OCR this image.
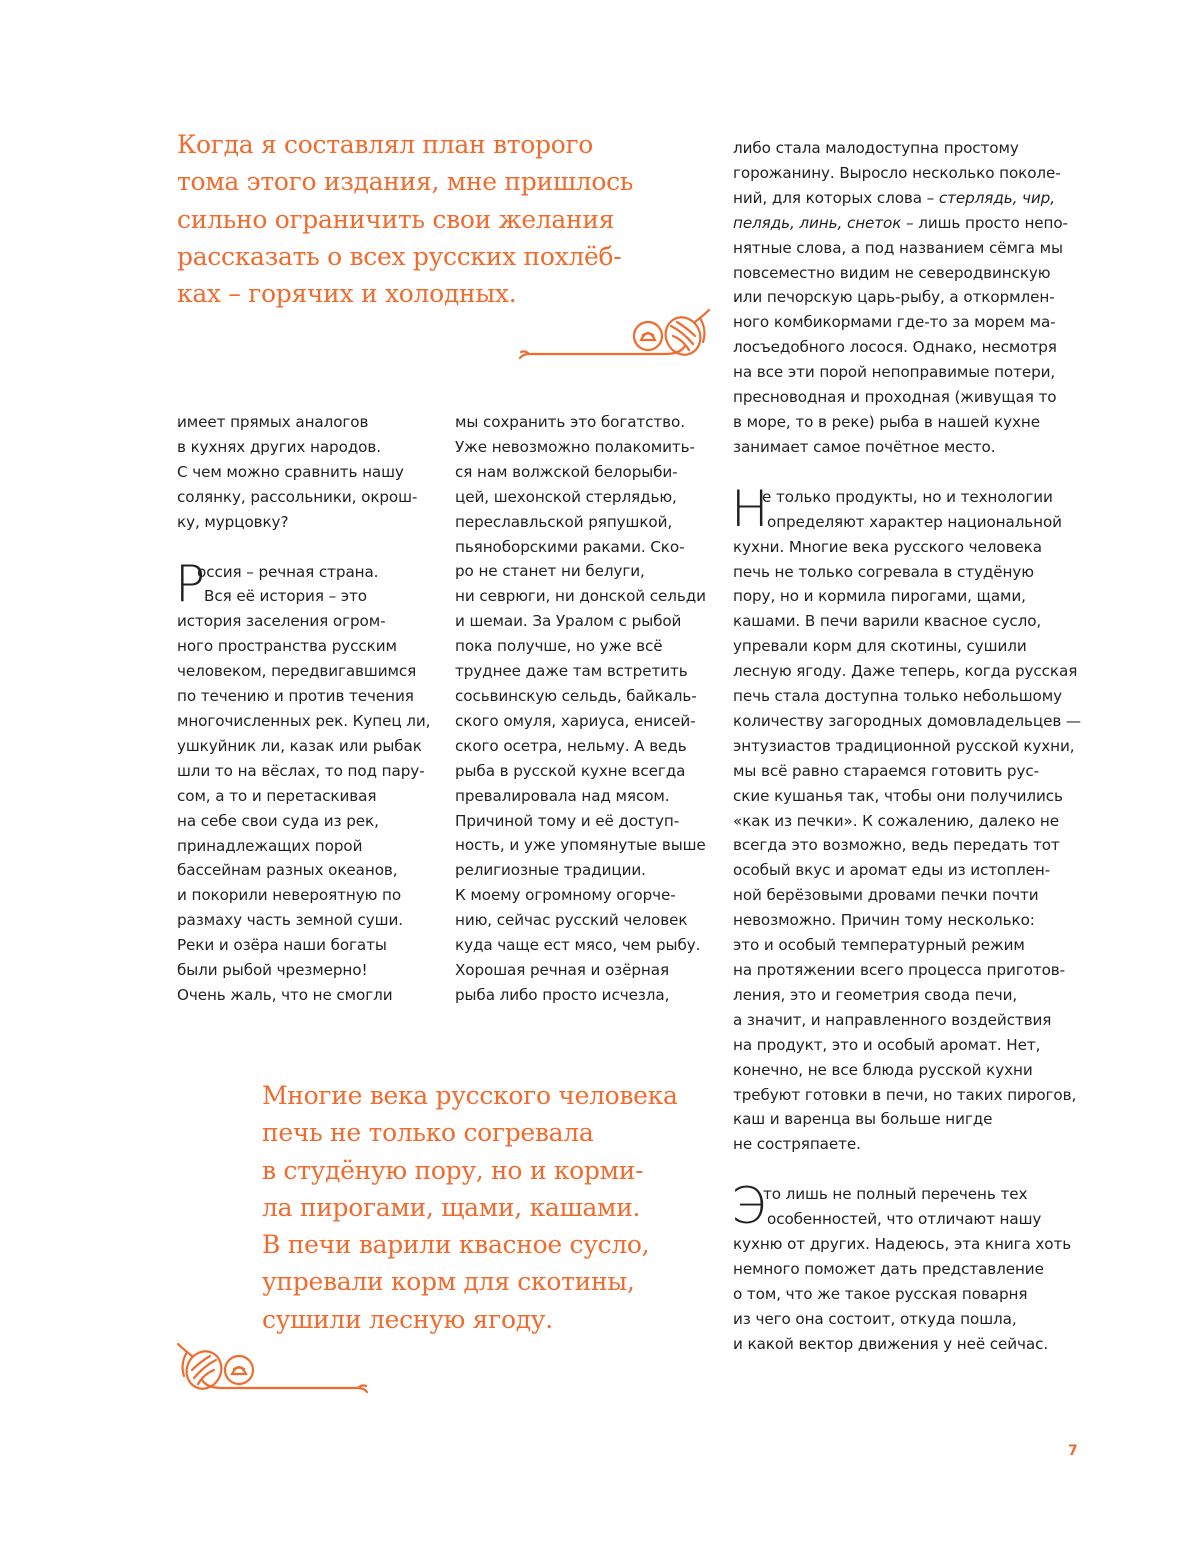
Когда я составлял план второго
тома этого издания, мне пришлось
сильно ограничить свои желания
рассказать о всех русских похлёб-
ках – горячих и холодных.
имеет прямых аналогов
в кухнях других народов.
С чем можно сравнить нашу
солянку, рассольники, окрош-
ку, мурцовку?
Р
оссия – речная страна.
Вся её история – это
история заселения огром-
ного пространства русским
человеком, передвигавшимся
по течению и против течения
многочисленных рек. Купец ли,
ушкуйник ли, казак или рыбак
шли то на вёслах, то под пару-
сом, а то и перетаскивая
на себе свои суда из рек,
принадлежащих порой
бассейнам разных океанов,
и покорили невероятную по
размаху часть земной суши.
Реки и озёра наши богаты
были рыбой чрезмерно!
Очень жаль, что не смогли
мы сохранить это богатство.
Уже невозможно полакомить-
ся нам волжской белорыби-
цей, шехонской стерлядью,
переславльской ряпушкой,
пьяноборскими раками. Ско-
ро не станет ни белуги,
ни севрюги, ни донской сельди
и шемаи. За Уралом с рыбой
пока получше, но уже всё
труднее даже там встретить
сосьвинскую сельдь, байкаль-
ского омуля, хариуса, енисей-
ского осетра, нельму. А ведь
рыба в русской кухне всегда
превалировала над мясом.
Причиной тому и её доступ-
ность, и уже упомянутые выше
религиозные традиции.
К моему огромному огорче-
нию, сейчас русский человек
куда чаще ест мясо, чем рыбу.
Хорошая речная и озёрная
рыба либо просто исчезла,
либо стала малодоступна простому
горожанину. Выросло несколько поколе-
ний, для которых слова – стерлядь, чир,
пелядь, линь, снеток – лишь просто непо-
нятные слова, а под названием сёмга мы
повсеместно видим не северодвинскую
или печорскую царь-рыбу, а откормлен-
ного комбикормами где-то за морем ма-
лосъедобного лосося. Однако, несмотря
на все эти порой непоправимые потери,
пресноводная и проходная (живущая то
в море, то в реке) рыба в нашей кухне
занимает самое почётное место.
Н
е только продукты, но и технологии
определяют характер национальной
кухни. Многие века русского человека
печь не только согревала в студёную
пору, но и кормила пирогами, щами,
кашами. В печи варили квасное сусло,
упревали корм для скотины, сушили
лесную ягоду. Даже теперь, когда русская
печь стала доступна только небольшому
количеству загородных домовладельцев —
энтузиастов традиционной русской кухни,
мы всё равно стараемся готовить рус-
ские кушанья так, чтобы они получились
«как из печки». К сожалению, далеко не
всегда это возможно, ведь передать тот
особый вкус и аромат еды из истоплен-
ной берёзовыми дровами печки почти
невозможно. Причин тому несколько:
это и особый температурный режим
на протяжении всего процесса приготов-
ления, это и геометрия свода печи,
а значит, и направленного воздействия
на продукт, это и особый аромат. Нет,
конечно, не все блюда русской кухни
требуют готовки в печи, но таких пирогов,
каш и варенца вы больше нигде
не состряпаете.
Э
то лишь не полный перечень тех
особенностей, что отличают нашу
кухню от других. Надеюсь, эта книга хоть
немного поможет дать представление
о том, что же такое русская поварня
из чего она состоит, откуда пошла,
и какой вектор движения у неё сейчас.
Многие века русского человека
печь не только согревала
в студёную пору, но и корми-
ла пирогами, щами, кашами.
В печи варили квасное сусло,
упревали корм для скотины,
сушили лесную ягоду.
7
